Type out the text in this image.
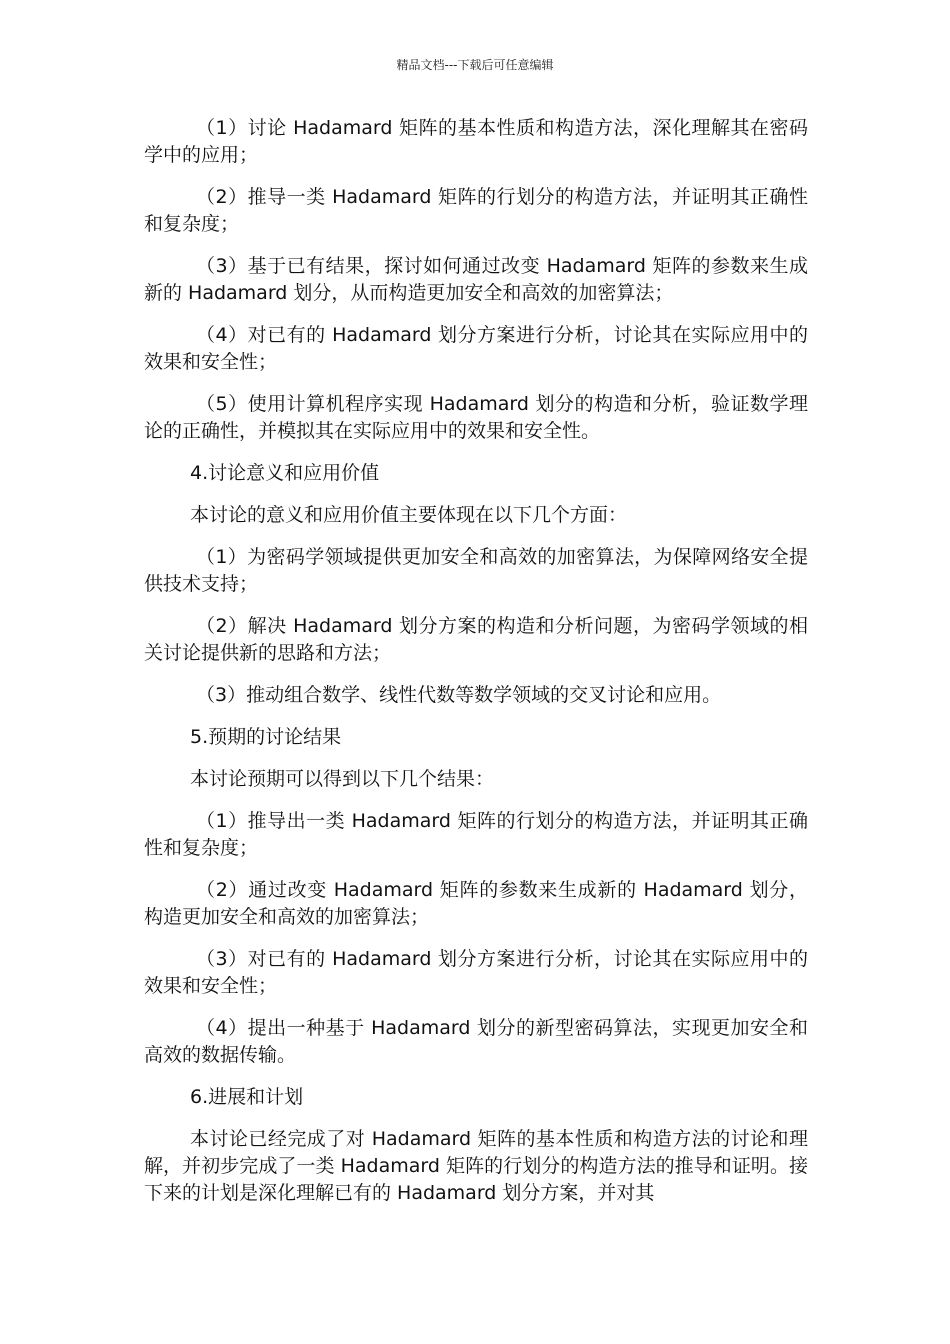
精品文档---下载后可任意编辑

（1）讨论 Hadamard 矩阵的基本性质和构造方法，深化理解其在密码学中的应用；

（2）推导一类 Hadamard 矩阵的行划分的构造方法，并证明其正确性和复杂度；

（3）基于已有结果，探讨如何通过改变 Hadamard 矩阵的参数来生成新的 Hadamard 划分，从而构造更加安全和高效的加密算法；

（4）对已有的 Hadamard 划分方案进行分析，讨论其在实际应用中的效果和安全性；

（5）使用计算机程序实现 Hadamard 划分的构造和分析，验证数学理论的正确性，并模拟其在实际应用中的效果和安全性。

4.讨论意义和应用价值

本讨论的意义和应用价值主要体现在以下几个方面：

（1）为密码学领域提供更加安全和高效的加密算法，为保障网络安全提供技术支持；

（2）解决 Hadamard 划分方案的构造和分析问题，为密码学领域的相关讨论提供新的思路和方法；

（3）推动组合数学、线性代数等数学领域的交叉讨论和应用。

5.预期的讨论结果

本讨论预期可以得到以下几个结果：

（1）推导出一类 Hadamard 矩阵的行划分的构造方法，并证明其正确性和复杂度；

（2）通过改变 Hadamard 矩阵的参数来生成新的 Hadamard 划分，构造更加安全和高效的加密算法；

（3）对已有的 Hadamard 划分方案进行分析，讨论其在实际应用中的效果和安全性；

（4）提出一种基于 Hadamard 划分的新型密码算法，实现更加安全和高效的数据传输。

6.进展和计划

本讨论已经完成了对 Hadamard 矩阵的基本性质和构造方法的讨论和理解，并初步完成了一类 Hadamard 矩阵的行划分的构造方法的推导和证明。接下来的计划是深化理解已有的 Hadamard 划分方案，并对其
